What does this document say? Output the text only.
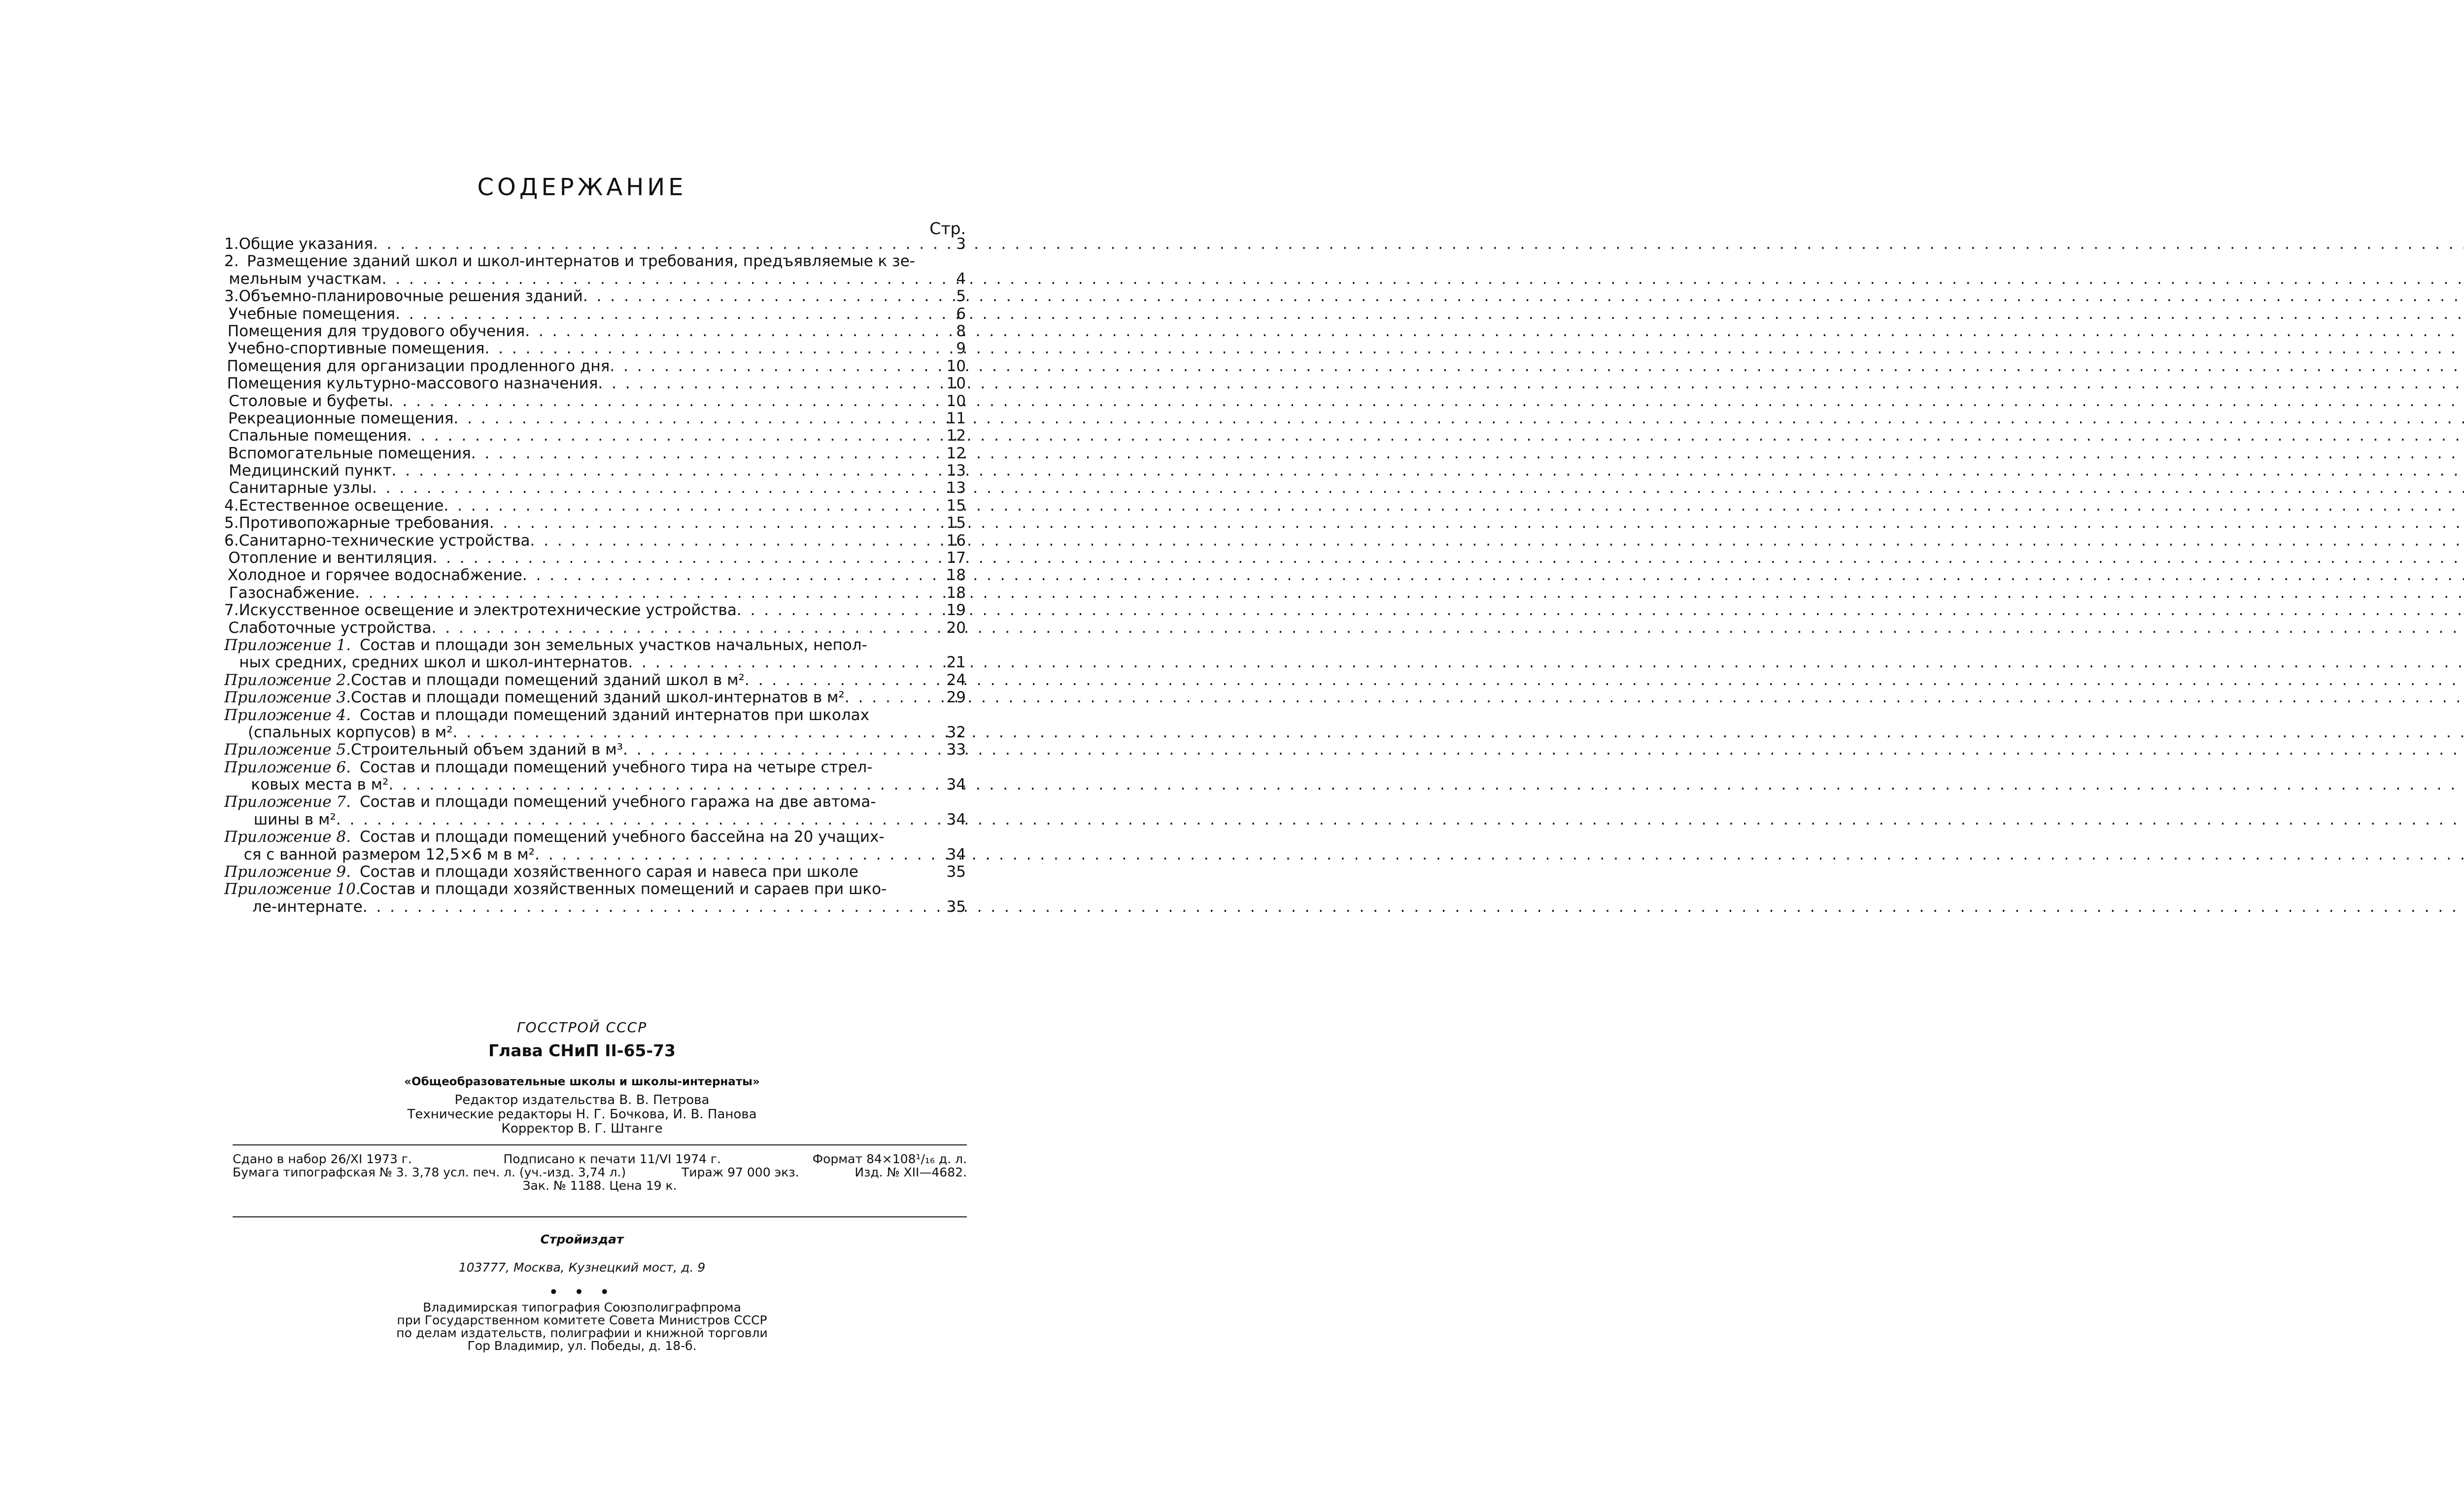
СОДЕРЖАНИЕ
Стр.
1. Общие указания . . .	3
2. Размещение зданий школ и школ-интернатов и требования, предъявляемые к зе-
мельным участкам . . .	4
3. Объемно-планировочные решения зданий . . .	5
Учебные помещения . . .	6
Помещения для трудового обучения . . .	8
Учебно-спортивные помещения . . .	9
Помещения для организации продленного дня . . .	10
Помещения культурно-массового назначения . . .	10
Столовые и буфеты . . .	10
Рекреационные помещения . . .	11
Спальные помещения . . .	12
Вспомогательные помещения . . .	12
Медицинский пункт . . .	13
Санитарные узлы . . .	13
4. Естественное освещение . . .	15
5. Противопожарные требования . . .	15
6. Санитарно-технические устройства . . .	16
Отопление и вентиляция . . .	17
Холодное и горячее водоснабжение . . .	18
Газоснабжение . . .	18
7. Искусственное освещение и электротехнические устройства . . .	19
Слаботочные устройства . . .	20
Приложение 1. Состав и площади зон земельных участков начальных, непол-
ных средних, средних школ и школ-интернатов . . .	21
Приложение 2. Состав и площади помещений зданий школ в м² . . .	24
Приложение 3. Состав и площади помещений зданий школ-интернатов в м² . . .	29
Приложение 4. Состав и площади помещений зданий интернатов при школах
(спальных корпусов) в м² . . .	32
Приложение 5. Строительный объем зданий в м³ . . .	33
Приложение 6. Состав и площади помещений учебного тира на четыре стрел-
ковых места в м² . . .	34
Приложение 7. Состав и площади помещений учебного гаража на две автома-
шины в м² . . .	34
Приложение 8. Состав и площади помещений учебного бассейна на 20 учащих-
ся с ванной размером 12,5×6 м в м² . . .	34
Приложение 9. Состав и площади хозяйственного сарая и навеса при школе	35
Приложение 10.
Состав и площади хозяйственных помещений и сараев при шко-
ле-интернате . . .	35
ГОССТРОЙ СССР
Глава СНиП II-65-73
«Общеобразовательные школы и школы-интернаты»
Редактор издательства В. В. Петрова
Технические редакторы Н. Г. Бочкова, И. В. Панова
Корректор В. Г. Штанге
Сдано в набор 26/XI 1973 г.	Подписано к печати 11/VI 1974 г.	Формат 84×108¹/₁₆ д. л.
Бумага типографская № 3. 3,78 усл. печ. л. (уч.-изд. 3,74 л.)	Тираж 97 000 экз.	Изд. № XII—4682.
Зак. № 1188. Цена 19 к.
Стройиздат
103777, Москва, Кузнецкий мост, д. 9
• • •
Владимирская типография Союзполиграфпрома
при Государственном комитете Совета Министров СССР
по делам издательств, полиграфии и книжной торговли
Гор Владимир, ул. Победы, д. 18-б.
